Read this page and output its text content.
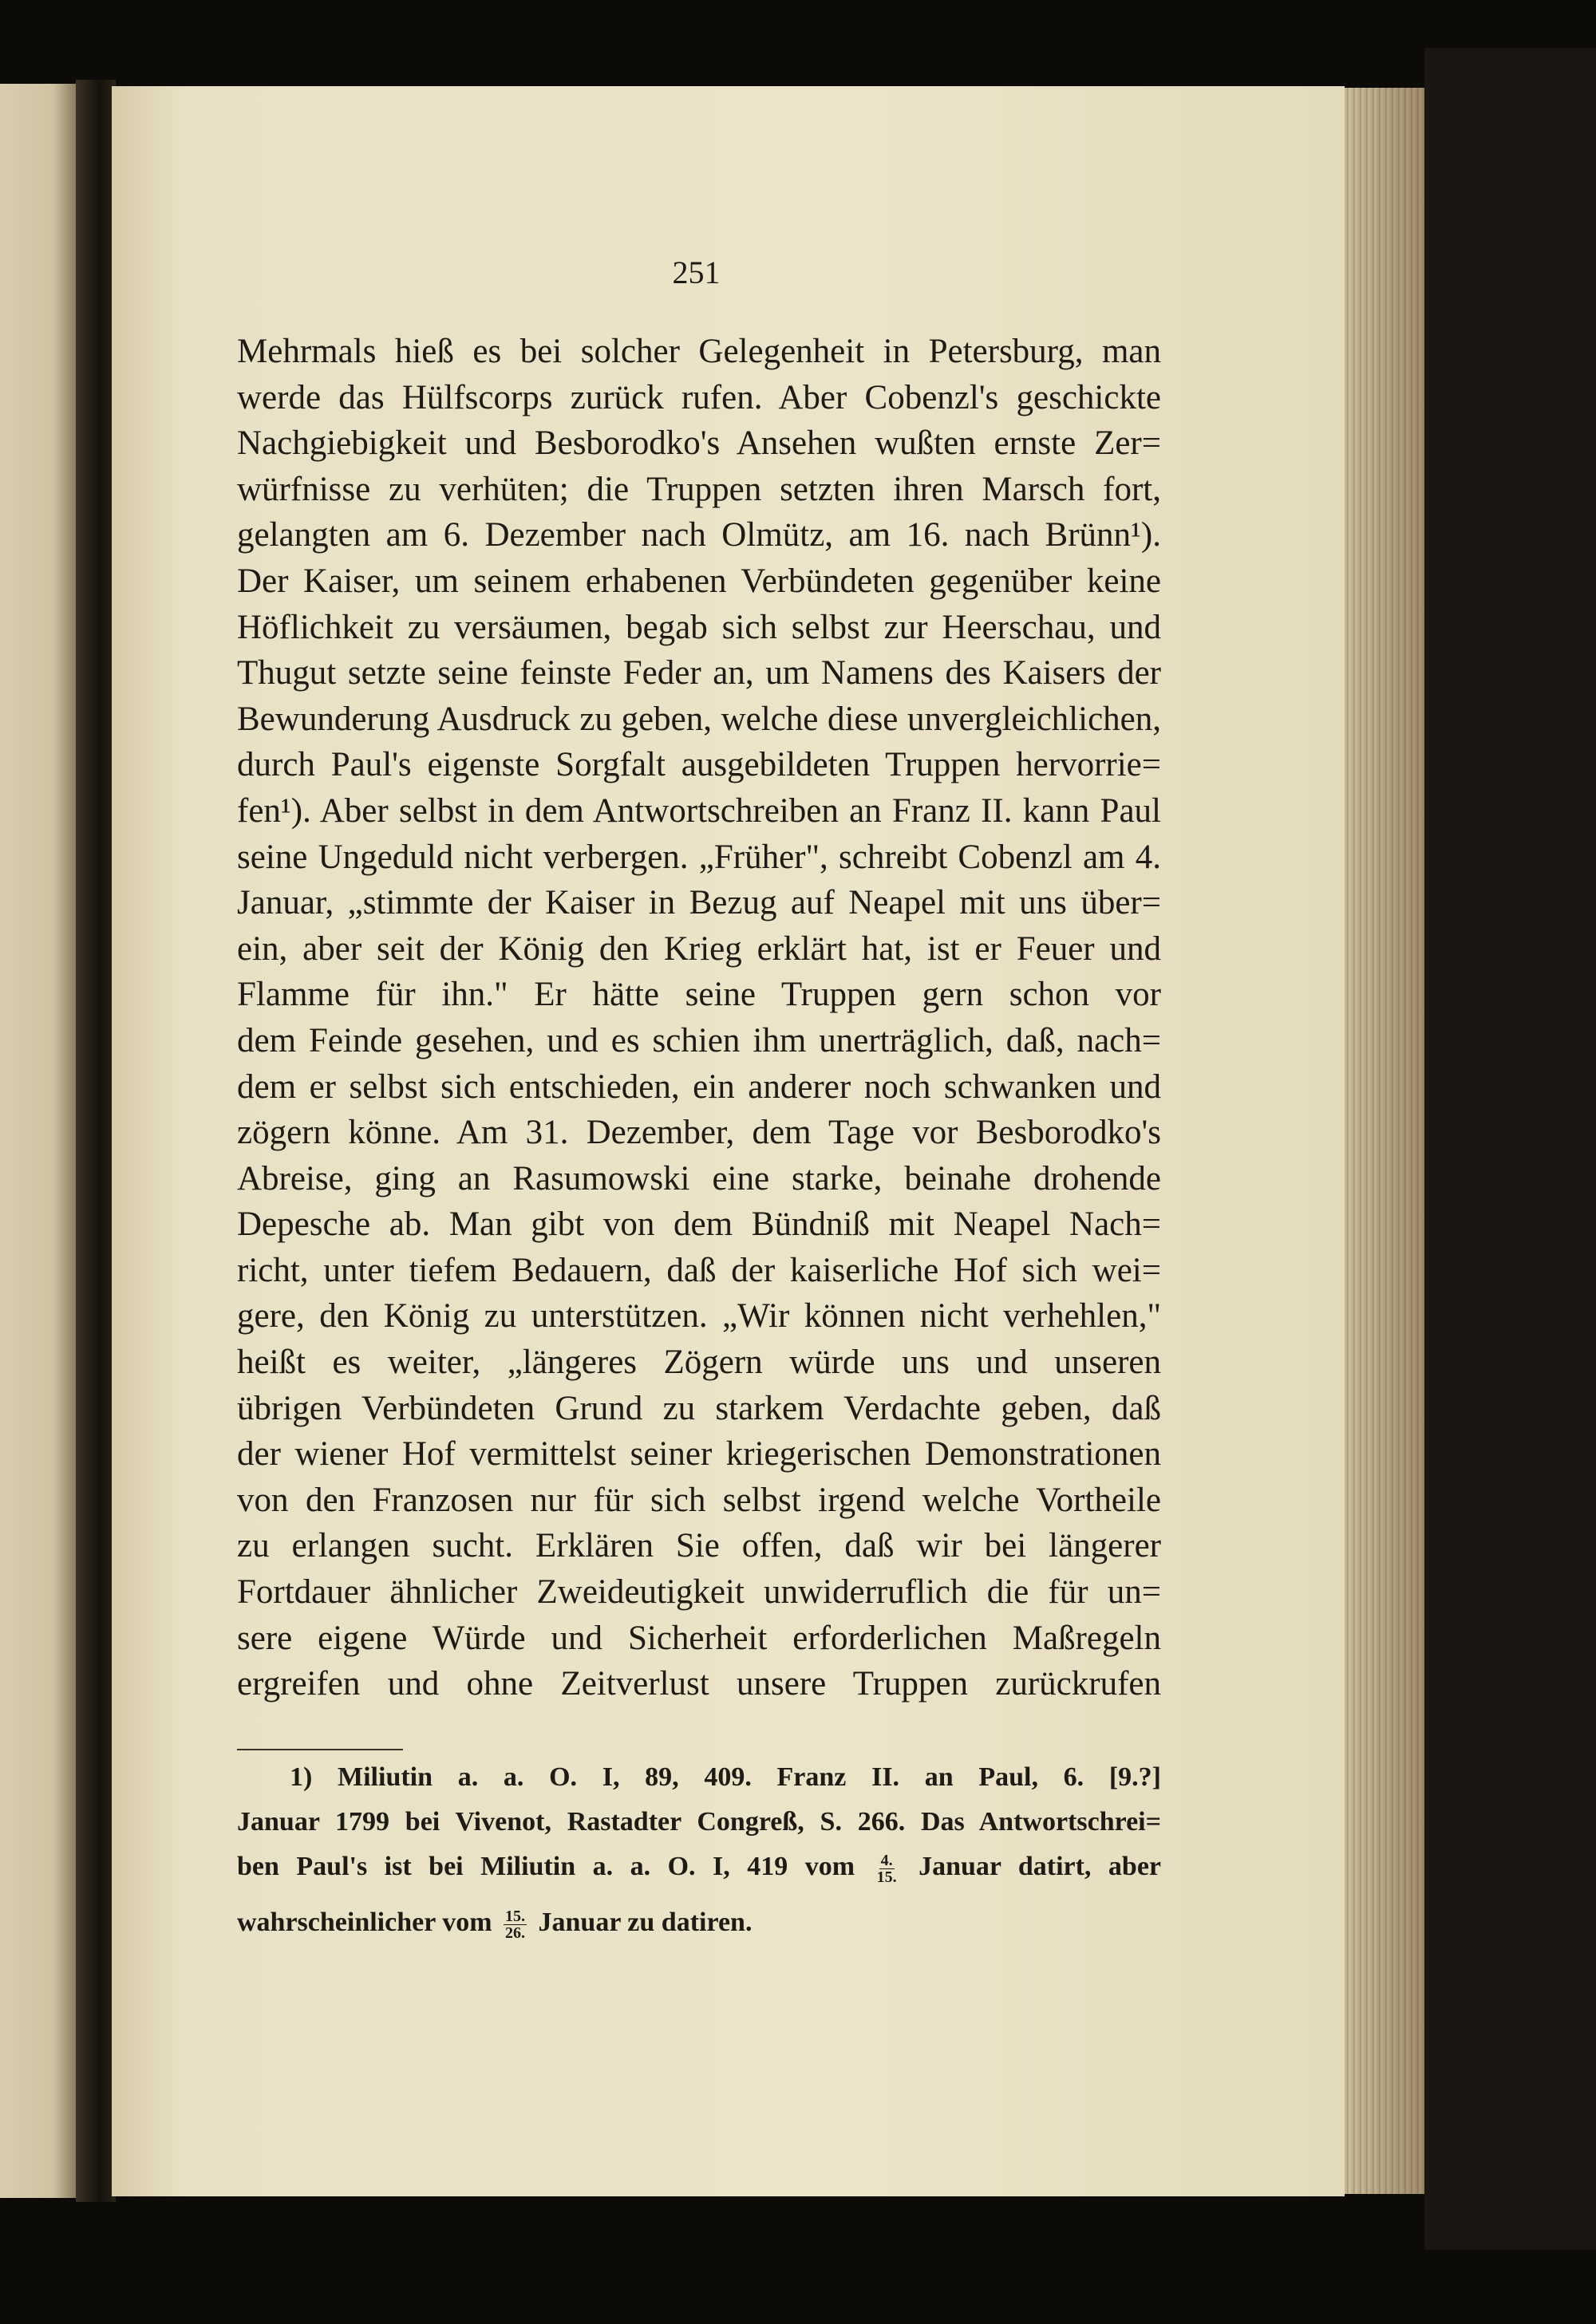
251
Mehrmals hieß es bei solcher Gelegenheit in Petersburg, man
werde das Hülfscorps zurück rufen. Aber Cobenzl's geschickte
Nachgiebigkeit und Besborodko's Ansehen wußten ernste Zer=
würfnisse zu verhüten; die Truppen setzten ihren Marsch fort,
gelangten am 6. Dezember nach Olmütz, am 16. nach Brünn¹).
Der Kaiser, um seinem erhabenen Verbündeten gegenüber keine
Höflichkeit zu versäumen, begab sich selbst zur Heerschau, und
Thugut setzte seine feinste Feder an, um Namens des Kaisers der
Bewunderung Ausdruck zu geben, welche diese unvergleichlichen,
durch Paul's eigenste Sorgfalt ausgebildeten Truppen hervorrie=
fen¹). Aber selbst in dem Antwortschreiben an Franz II. kann Paul
seine Ungeduld nicht verbergen. „Früher", schreibt Cobenzl am 4.
Januar, „stimmte der Kaiser in Bezug auf Neapel mit uns über=
ein, aber seit der König den Krieg erklärt hat, ist er Feuer und
Flamme für ihn." Er hätte seine Truppen gern schon vor
dem Feinde gesehen, und es schien ihm unerträglich, daß, nach=
dem er selbst sich entschieden, ein anderer noch schwanken und
zögern könne. Am 31. Dezember, dem Tage vor Besborodko's
Abreise, ging an Rasumowski eine starke, beinahe drohende
Depesche ab. Man gibt von dem Bündniß mit Neapel Nach=
richt, unter tiefem Bedauern, daß der kaiserliche Hof sich wei=
gere, den König zu unterstützen. „Wir können nicht verhehlen,"
heißt es weiter, „längeres Zögern würde uns und unseren
übrigen Verbündeten Grund zu starkem Verdachte geben, daß
der wiener Hof vermittelst seiner kriegerischen Demonstrationen
von den Franzosen nur für sich selbst irgend welche Vortheile
zu erlangen sucht. Erklären Sie offen, daß wir bei längerer
Fortdauer ähnlicher Zweideutigkeit unwiderruflich die für un=
sere eigene Würde und Sicherheit erforderlichen Maßregeln
ergreifen und ohne Zeitverlust unsere Truppen zurückrufen
1) Miliutin a. a. O. I, 89, 409. Franz II. an Paul, 6. [9.?]
Januar 1799 bei Vivenot, Rastadter Congreß, S. 266. Das Antwortschrei=
ben Paul's ist bei Miliutin a. a. O. I, 419 vom $\frac{4.}{15.}$ Januar datirt, aber
wahrscheinlicher vom $\frac{15.}{26.}$ Januar zu datiren.
